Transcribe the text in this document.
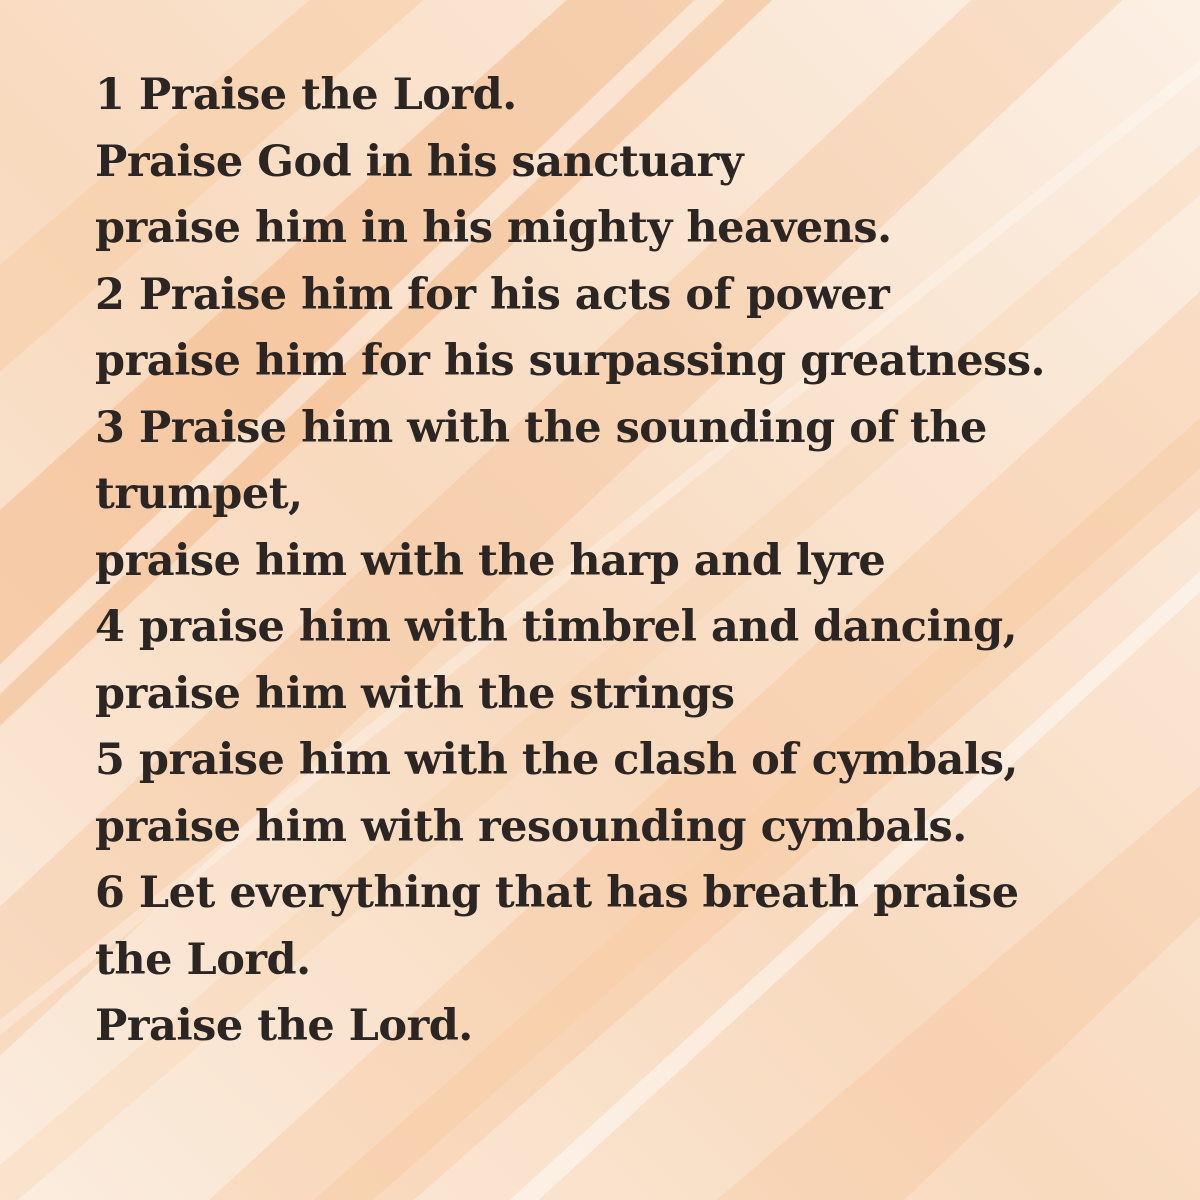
1 Praise the Lord.
Praise God in his sanctuary
praise him in his mighty heavens.
2 Praise him for his acts of power
praise him for his surpassing greatness.
3 Praise him with the sounding of the
trumpet,
praise him with the harp and lyre
4 praise him with timbrel and dancing,
praise him with the strings
5 praise him with the clash of cymbals,
praise him with resounding cymbals.
6 Let everything that has breath praise
the Lord.
Praise the Lord.
